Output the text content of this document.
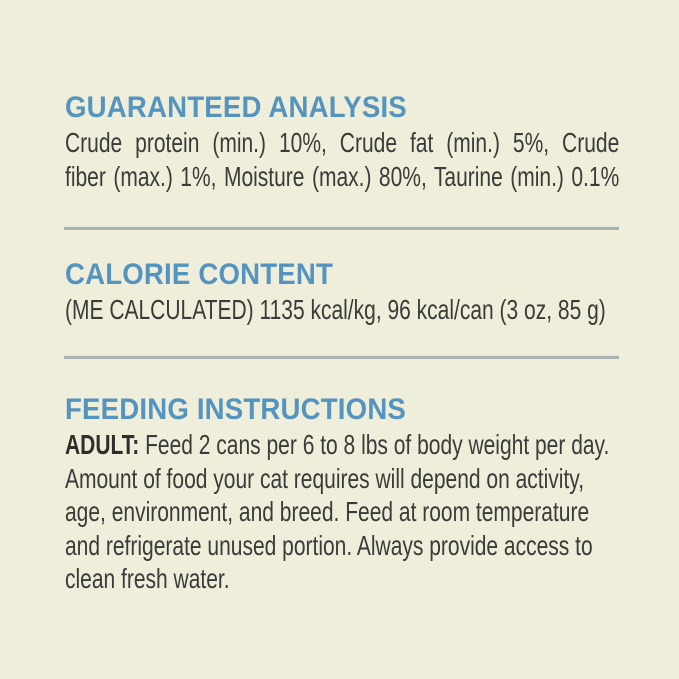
GUARANTEED ANALYSIS
Crude protein (min.) 10%, Crude fat (min.) 5%, Crude
fiber (max.) 1%, Moisture (max.) 80%, Taurine (min.) 0.1%
CALORIE CONTENT
(ME CALCULATED) 1135 kcal/kg, 96 kcal/can (3 oz, 85 g)
FEEDING INSTRUCTIONS
ADULT: Feed 2 cans per 6 to 8 lbs of body weight per day.
Amount of food your cat requires will depend on activity,
age, environment, and breed. Feed at room temperature
and refrigerate unused portion. Always provide access to
clean fresh water.
